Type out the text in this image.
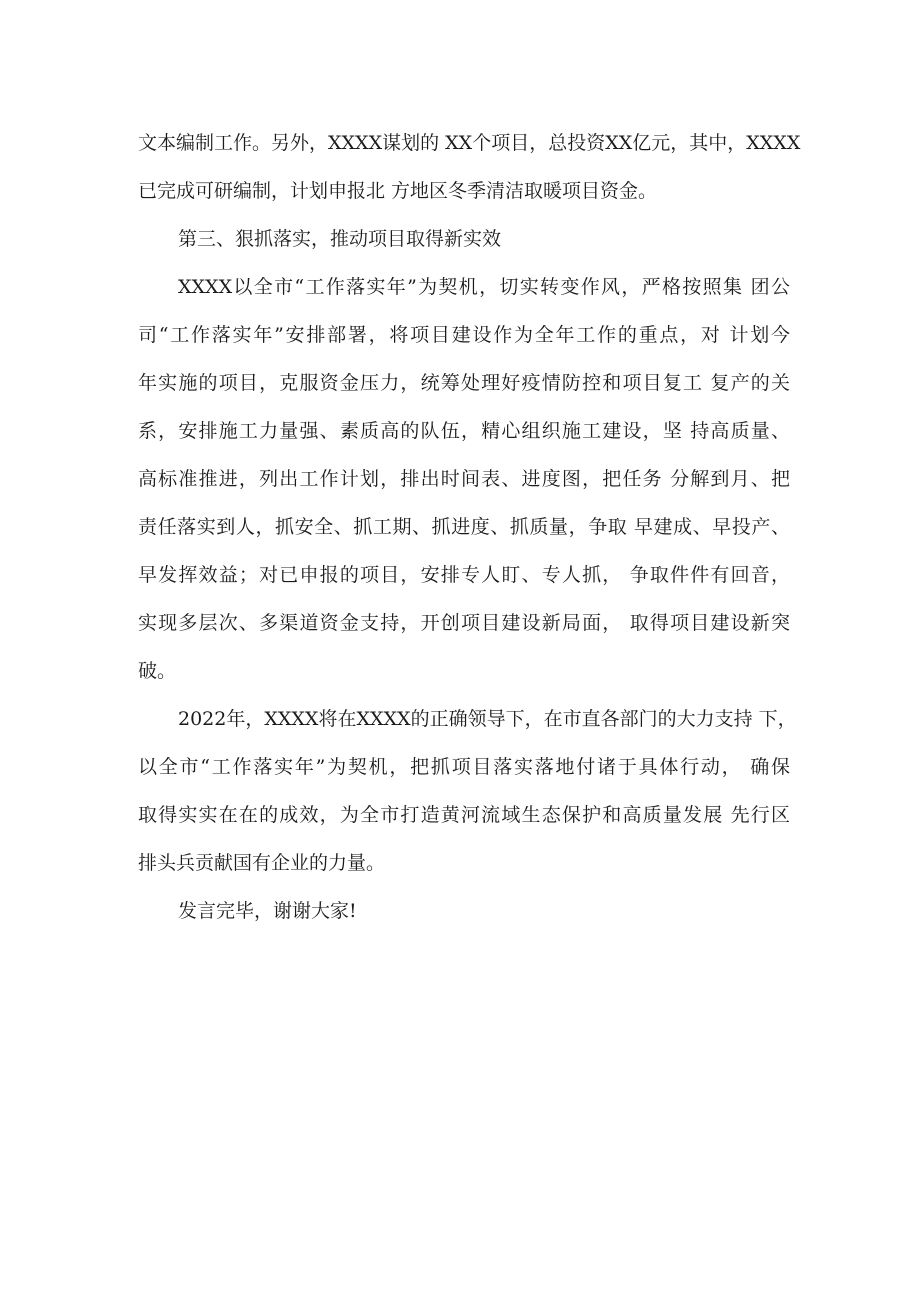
文本编制工作。另外，XXXX谋划的 XX个项目，总投资XX亿元，其中，XXXX
已完成可研编制，计划申报北 方地区冬季清洁取暖项目资金。
第三、狠抓落实，推动项目取得新实效
XXXX以全市“工作落实年”为契机，切实转变作风，严格按照集 团公
司“工作落实年”安排部署，将项目建设作为全年工作的重点，对 计划今
年实施的项目，克服资金压力，统筹处理好疫情防控和项目复工 复产的关
系，安排施工力量强、素质高的队伍，精心组织施工建设，坚 持高质量、
高标准推进，列出工作计划，排出时间表、进度图，把任务 分解到月、把
责任落实到人，抓安全、抓工期、抓进度、抓质量，争取 早建成、早投产、
早发挥效益；对已申报的项目，安排专人盯、专人抓， 争取件件有回音，
实现多层次、多渠道资金支持，开创项目建设新局面， 取得项目建设新突
破。
2022年，XXXX将在XXXX的正确领导下，在市直各部门的大力支持 下，
以全市“工作落实年”为契机，把抓项目落实落地付诸于具体行动， 确保
取得实实在在的成效，为全市打造黄河流域生态保护和高质量发展 先行区
排头兵贡献国有企业的力量。
发言完毕，谢谢大家!
